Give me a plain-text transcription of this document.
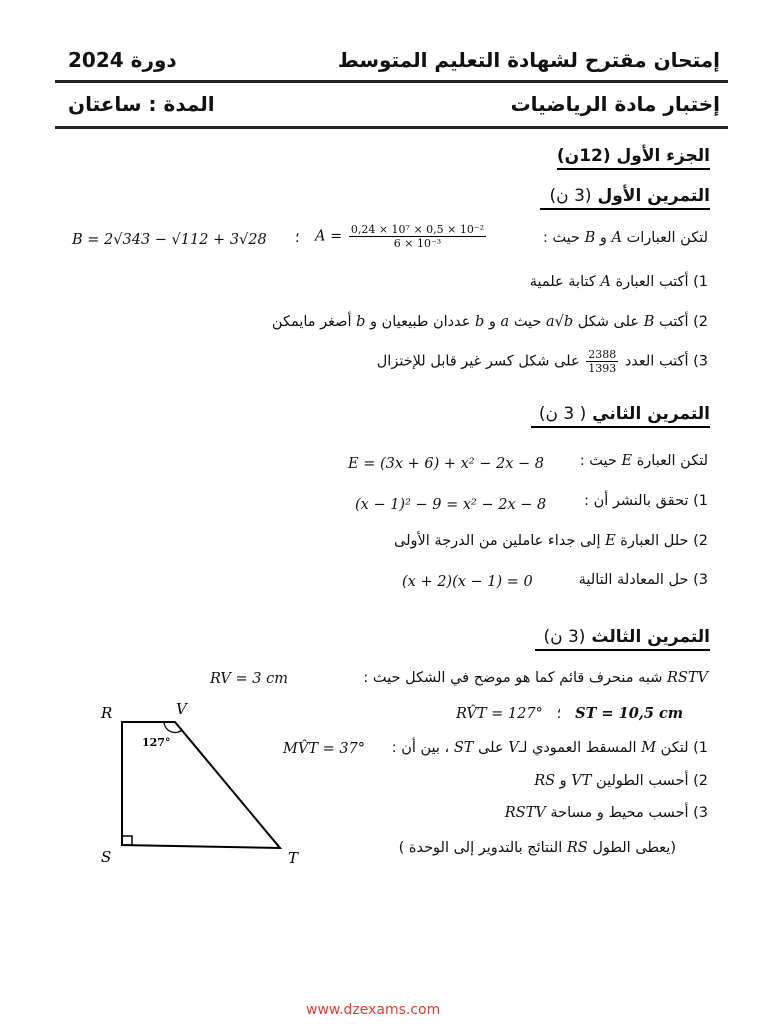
إمتحان مقترح لشهادة التعليم المتوسط
دورة 2024
إختبار مادة الرياضيات
المدة : ساعتان
الجزء الأول (12ن)
التمرين الأول (3 ن)
لتكن العبارات A و B حيث :
$A = \frac{\text{0,24 × 10⁷ × 0,5 × 10⁻²}}{\text{6 × 10⁻³}}$
؛
B = 2√343 − √112 + 3√28
1) أكتب العبارة A كتابة علمية
2) أكتب B على شكل a√b حيث a و b عددان طبيعيان و b أصغر مايمكن
3) أكتب العدد
$\frac{2388}{1393}$
على شكل كسر غير قابل للإختزال
التمرين الثاني ( 3 ن)
لتكن العبارة E حيث :
E = (3x + 6) + x² − 2x − 8
1) تحقق بالنشر أن :
(x − 1)² − 9 = x² − 2x − 8
2) حلل العبارة E إلى جداء عاملين من الدرجة الأولى
3) حل المعادلة التالية
(x + 2)(x − 1) = 0
التمرين الثالث (3 ن)
RSTV شبه منحرف قائم كما هو موضح في الشكل حيث :
RV = 3 cm
RV̂T = 127° ؛ ST = 10,5 cm
1) لتكن M المسقط العمودي لـV على ST ، بين أن :
MV̂T = 37°
2) أحسب الطولين VT و RS
3) أحسب محيط و مساحة RSTV
(يعطى الطول RS النتائج بالتدوير إلى الوحدة )
127°
R	V
S	T
www.dzexams.com
